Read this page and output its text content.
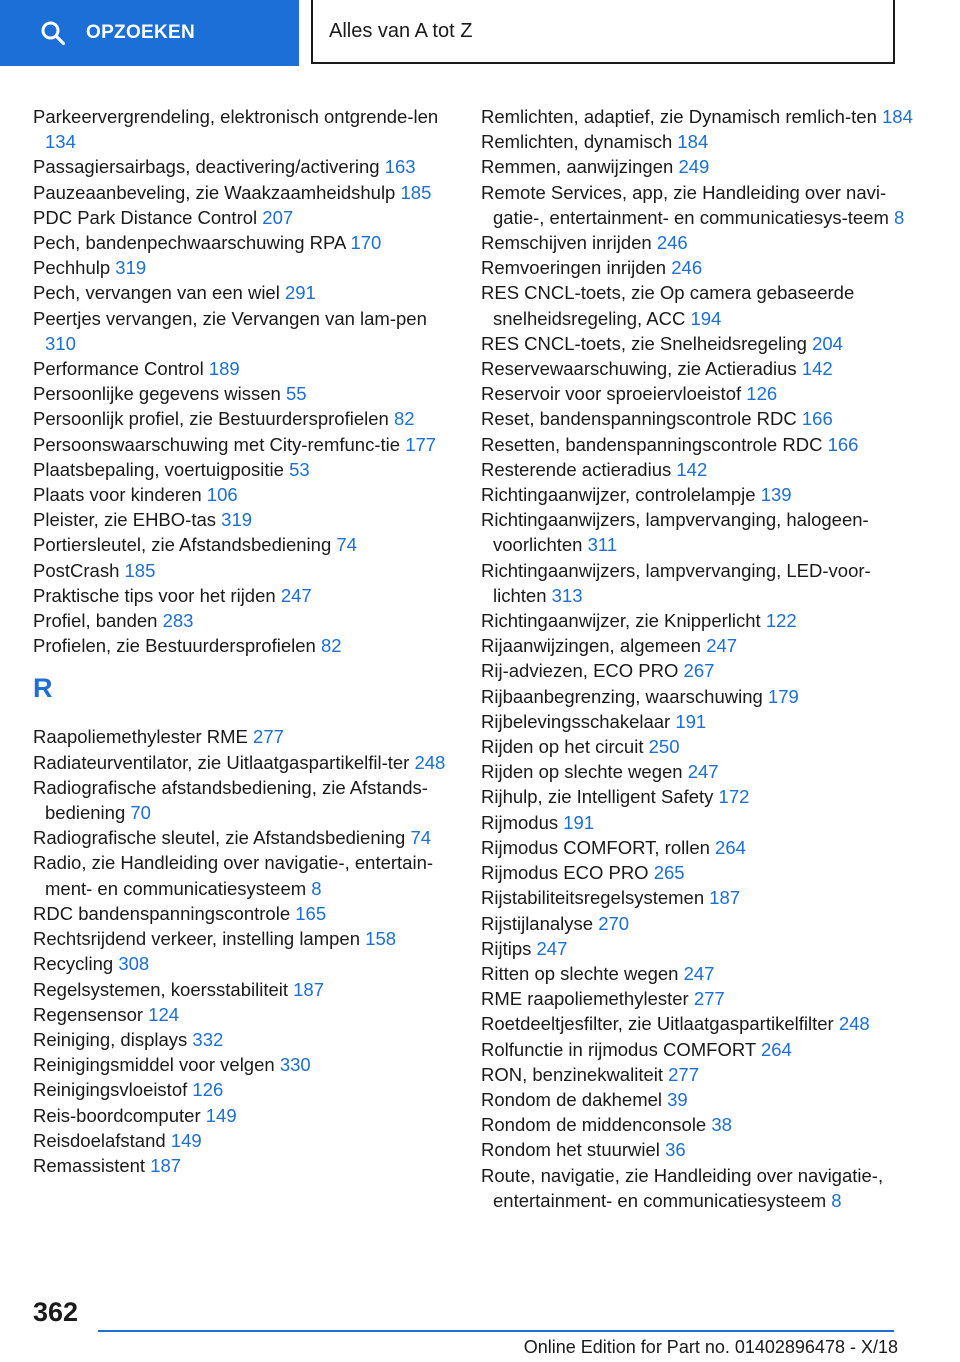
OPZOEKEN	Alles van A tot Z
Parkeervergrendeling, elektronisch ontgrende-len 134
Passagiersairbags, deactivering/activering 163
Pauzeaanbeveling, zie Waakzaamheidshulp 185
PDC Park Distance Control 207
Pech, bandenpechwaarschuwing RPA 170
Pechhulp 319
Pech, vervangen van een wiel 291
Peertjes vervangen, zie Vervangen van lam-pen 310
Performance Control 189
Persoonlijke gegevens wissen 55
Persoonlijk profiel, zie Bestuurdersprofielen 82
Persoonswaarschuwing met City-remfunc-tie 177
Plaatsbepaling, voertuigpositie 53
Plaats voor kinderen 106
Pleister, zie EHBO-tas 319
Portiersleutel, zie Afstandsbediening 74
PostCrash 185
Praktische tips voor het rijden 247
Profiel, banden 283
Profielen, zie Bestuurdersprofielen 82
R
Raapoliemethylester RME 277
Radiateurventilator, zie Uitlaatgaspartikelfil-ter 248
Radiografische afstandsbediening, zie Afstands-bediening 70
Radiografische sleutel, zie Afstandsbediening 74
Radio, zie Handleiding over navigatie-, entertain-ment- en communicatiesysteem 8
RDC bandenspanningscontrole 165
Rechtsrijdend verkeer, instelling lampen 158
Recycling 308
Regelsystemen, koersstabiliteit 187
Regensensor 124
Reiniging, displays 332
Reinigingsmiddel voor velgen 330
Reinigingsvloeistof 126
Reis-boordcomputer 149
Reisdoelafstand 149
Remassistent 187
Remlichten, adaptief, zie Dynamisch remlich-ten 184
Remlichten, dynamisch 184
Remmen, aanwijzingen 249
Remote Services, app, zie Handleiding over navi-gatie-, entertainment- en communicatiesys-teem 8
Remschijven inrijden 246
Remvoeringen inrijden 246
RES CNCL-toets, zie Op camera gebaseerde snelheidsregeling, ACC 194
RES CNCL-toets, zie Snelheidsregeling 204
Reservewaarschuwing, zie Actieradius 142
Reservoir voor sproeiervloeistof 126
Reset, bandenspanningscontrole RDC 166
Resetten, bandenspanningscontrole RDC 166
Resterende actieradius 142
Richtingaanwijzer, controlelampje 139
Richtingaanwijzers, lampvervanging, halogeen-voorlichten 311
Richtingaanwijzers, lampvervanging, LED-voor-lichten 313
Richtingaanwijzer, zie Knipperlicht 122
Rijaanwijzingen, algemeen 247
Rij-adviezen, ECO PRO 267
Rijbaanbegrenzing, waarschuwing 179
Rijbelevingsschakelaar 191
Rijden op het circuit 250
Rijden op slechte wegen 247
Rijhulp, zie Intelligent Safety 172
Rijmodus 191
Rijmodus COMFORT, rollen 264
Rijmodus ECO PRO 265
Rijstabiliteitsregelsystemen 187
Rijstijlanalyse 270
Rijtips 247
Ritten op slechte wegen 247
RME raapoliemethylester 277
Roetdeeltjesfilter, zie Uitlaatgaspartikelfilter 248
Rolfunctie in rijmodus COMFORT 264
RON, benzinekwaliteit 277
Rondom de dakhemel 39
Rondom de middenconsole 38
Rondom het stuurwiel 36
Route, navigatie, zie Handleiding over navigatie-, entertainment- en communicatiesysteem 8
362
Online Edition for Part no. 01402896478 - X/18
